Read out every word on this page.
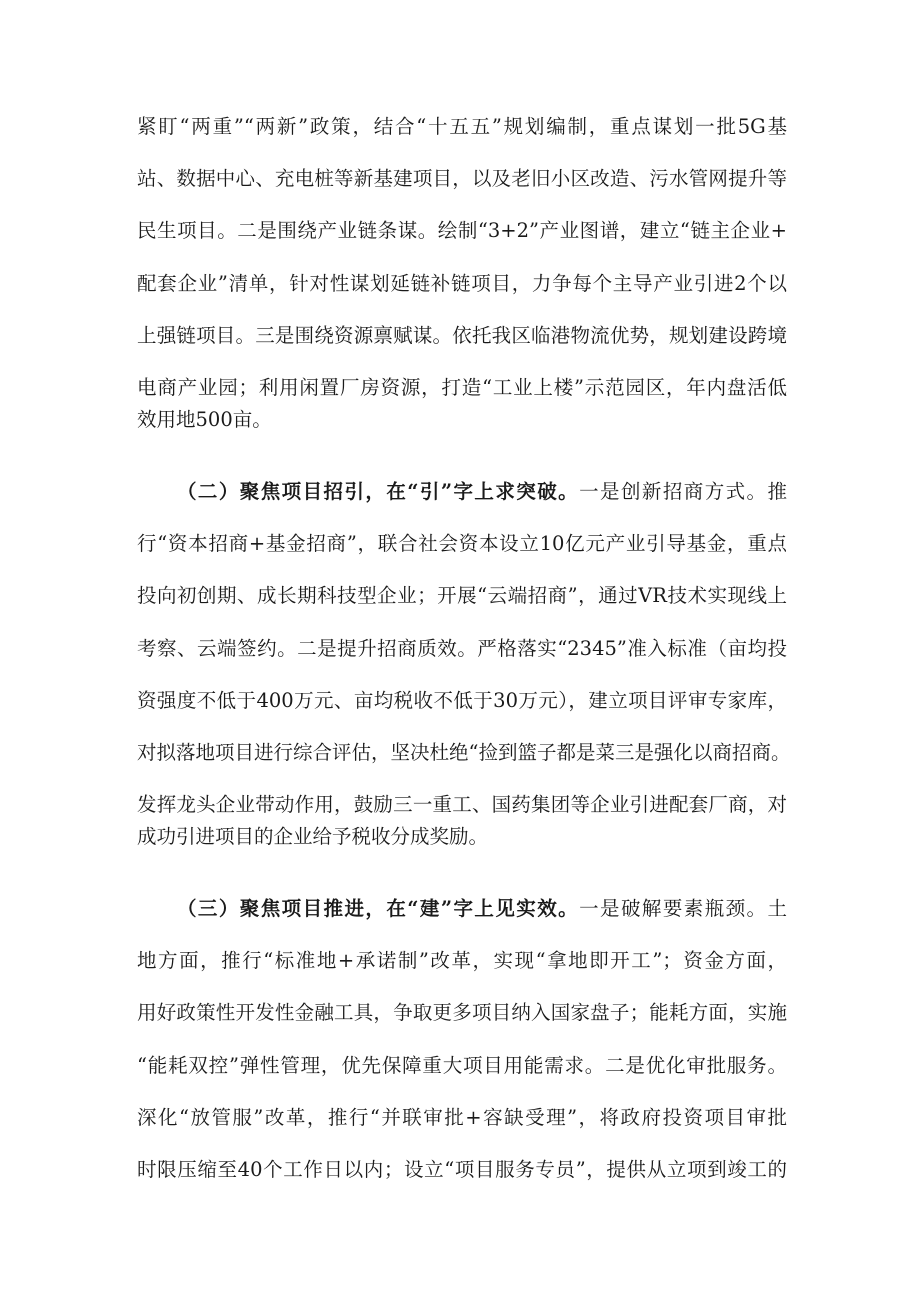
紧盯“两重”“两新”政策，结合“十五五”规划编制，重点谋划一批5G基
站、数据中心、充电桩等新基建项目，以及老旧小区改造、污水管网提升等
民生项目。二是围绕产业链条谋。绘制“3+2”产业图谱，建立“链主企业+
配套企业”清单，针对性谋划延链补链项目，力争每个主导产业引进2个以
上强链项目。三是围绕资源禀赋谋。依托我区临港物流优势，规划建设跨境
电商产业园；利用闲置厂房资源，打造“工业上楼”示范园区，年内盘活低
效用地500亩。
（二）聚焦项目招引，在“引”字上求突破。一是创新招商方式。推
行“资本招商+基金招商”，联合社会资本设立10亿元产业引导基金，重点
投向初创期、成长期科技型企业；开展“云端招商”，通过VR技术实现线上
考察、云端签约。二是提升招商质效。严格落实“2345”准入标准（亩均投
资强度不低于400万元、亩均税收不低于30万元），建立项目评审专家库，
对拟落地项目进行综合评估，坚决杜绝“捡到篮子都是菜三是强化以商招商。
发挥龙头企业带动作用，鼓励三一重工、国药集团等企业引进配套厂商，对
成功引进项目的企业给予税收分成奖励。
（三）聚焦项目推进，在“建”字上见实效。一是破解要素瓶颈。土
地方面，推行“标准地+承诺制”改革，实现“拿地即开工”；资金方面，
用好政策性开发性金融工具，争取更多项目纳入国家盘子；能耗方面，实施
“能耗双控”弹性管理，优先保障重大项目用能需求。二是优化审批服务。
深化“放管服”改革，推行“并联审批+容缺受理”，将政府投资项目审批
时限压缩至40个工作日以内；设立“项目服务专员”，提供从立项到竣工的
